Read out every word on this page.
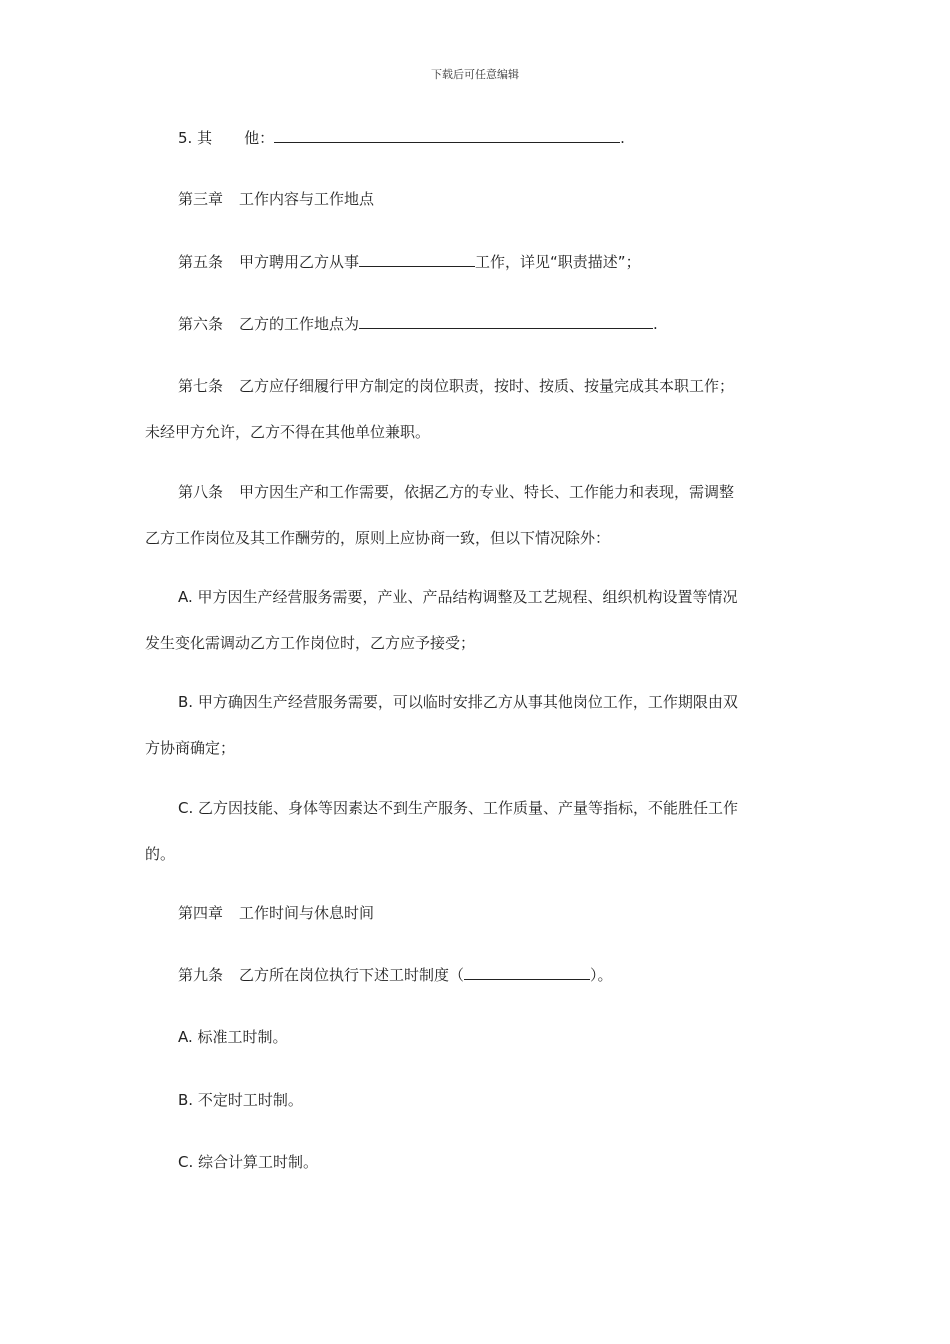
下载后可任意编辑
5. 其 他：	.
第三章 工作内容与工作地点
第五条 甲方聘用乙方从事	工作，详见“职责描述”；
第六条 乙方的工作地点为	.
第七条 乙方应仔细履行甲方制定的岗位职责，按时、按质、按量完成其本职工作；
未经甲方允许，乙方不得在其他单位兼职。
第八条 甲方因生产和工作需要，依据乙方的专业、特长、工作能力和表现，需调整
乙方工作岗位及其工作酬劳的，原则上应协商一致，但以下情况除外：
A. 甲方因生产经营服务需要，产业、产品结构调整及工艺规程、组织机构设置等情况
发生变化需调动乙方工作岗位时，乙方应予接受；
B. 甲方确因生产经营服务需要，可以临时安排乙方从事其他岗位工作，工作期限由双
方协商确定；
C. 乙方因技能、身体等因素达不到生产服务、工作质量、产量等指标，不能胜任工作
的。
第四章 工作时间与休息时间
第九条 乙方所在岗位执行下述工时制度（	）。
A. 标准工时制。
B. 不定时工时制。
C. 综合计算工时制。
